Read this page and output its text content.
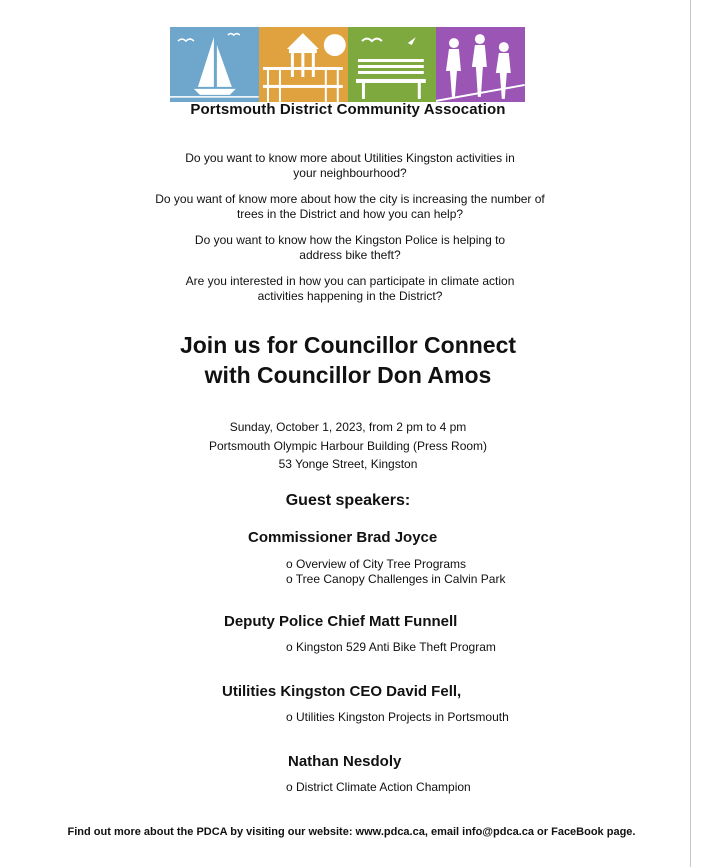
Portsmouth District Community Assocation
Do you want to know more about Utilities Kingston activities in
your neighbourhood?
Do you want of know more about how the city is increasing the number of
trees in the District and how you can help?
Do you want to know how the Kingston Police is helping to
address bike theft?
Are you interested in how you can participate in climate action
activities happening in the District?
Join us for Councillor Connect
with Councillor Don Amos
Sunday, October 1, 2023, from 2 pm to 4 pm
Portsmouth Olympic Harbour Building (Press Room)
53 Yonge Street, Kingston
Guest speakers:
Commissioner Brad Joyce
o Overview of City Tree Programs
o Tree Canopy Challenges in Calvin Park
Deputy Police Chief Matt Funnell
o Kingston 529 Anti Bike Theft Program
Utilities Kingston CEO David Fell,
o Utilities Kingston Projects in Portsmouth
Nathan Nesdoly
o District Climate Action Champion
Find out more about the PDCA by visiting our website: www.pdca.ca, email info@pdca.ca or FaceBook page.
